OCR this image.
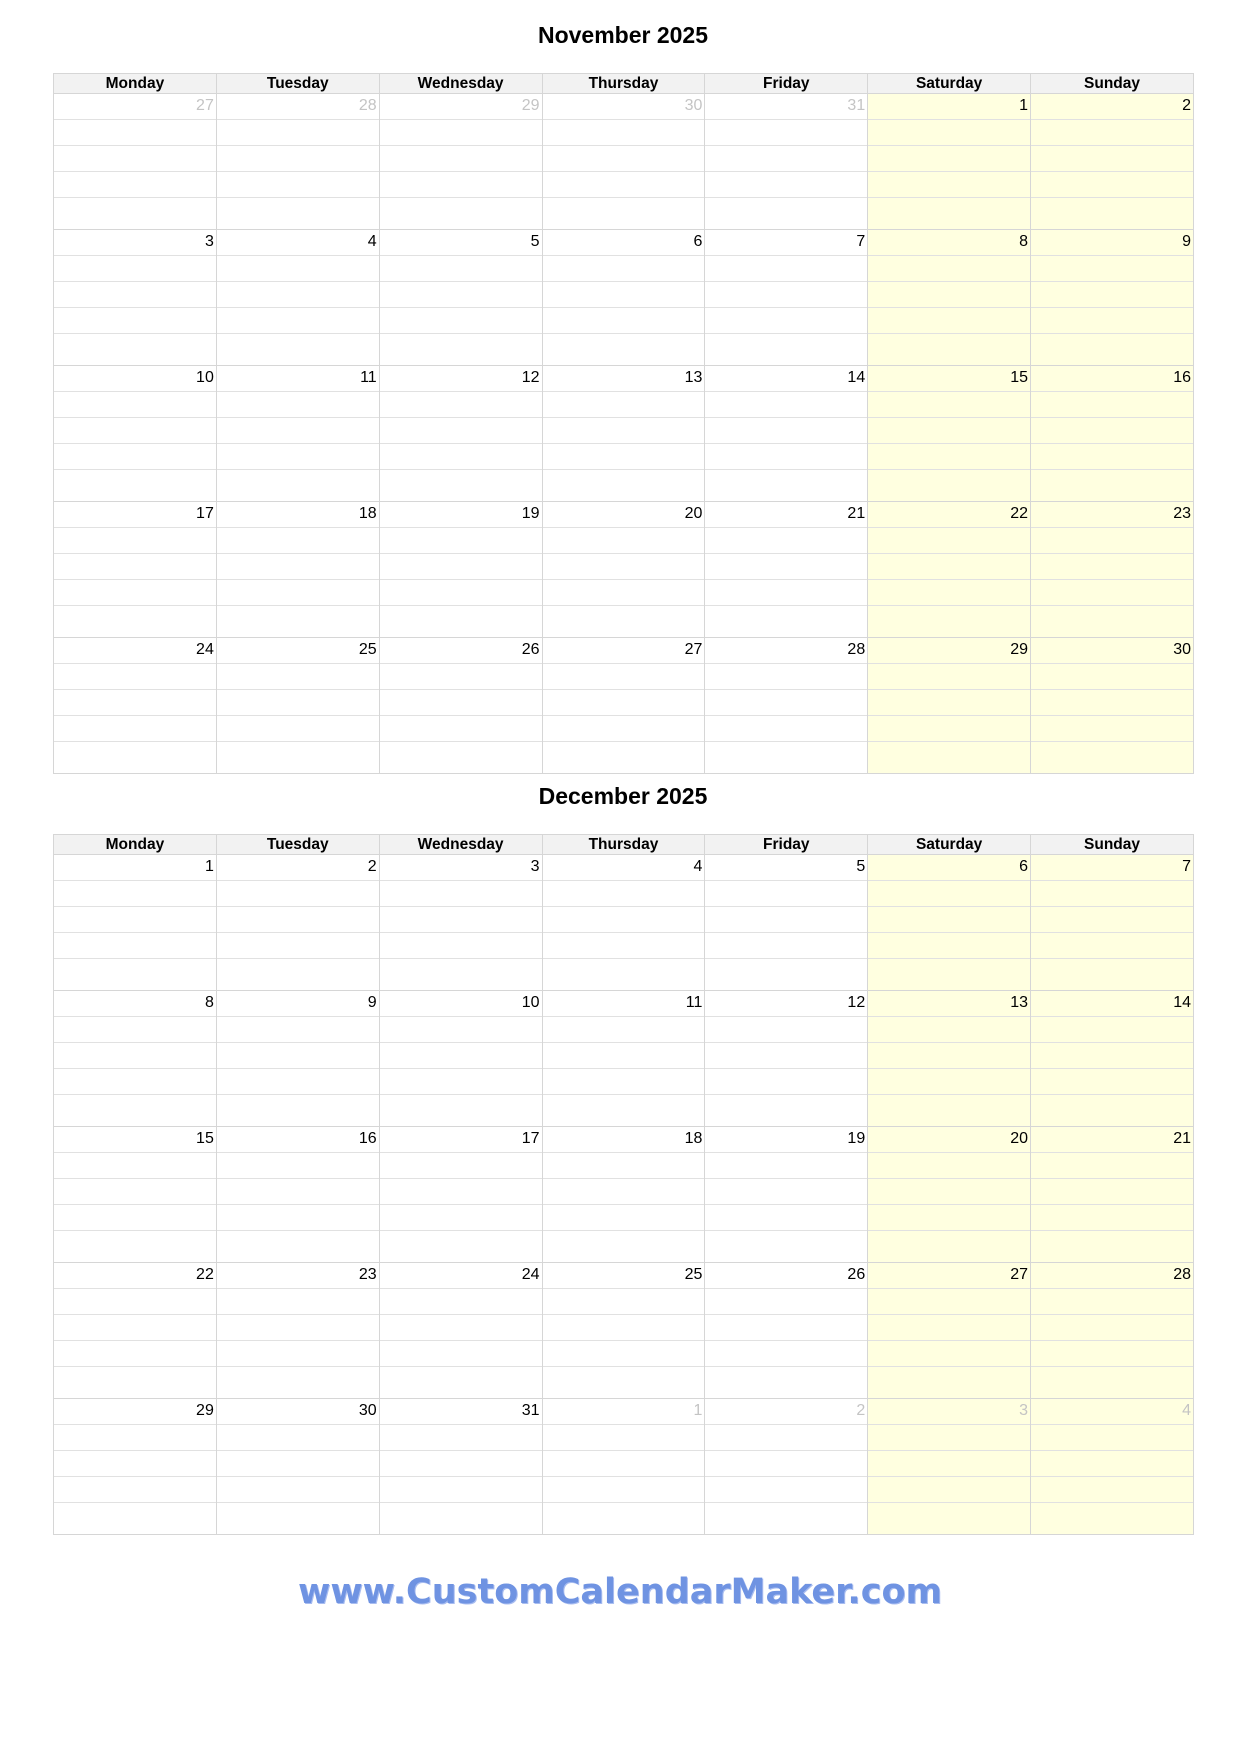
November 2025
Monday	Tuesday	Wednesday	Thursday	Friday	Saturday	Sunday
27	28	29	30	31	1	2

3	4	5	6	7	8	9

10	11	12	13	14	15	16

17	18	19	20	21	22	23

24	25	26	27	28	29	30

December 2025
Monday	Tuesday	Wednesday	Thursday	Friday	Saturday	Sunday
1	2	3	4	5	6	7

8	9	10	11	12	13	14

15	16	17	18	19	20	21

22	23	24	25	26	27	28

29	30	31	1	2	3	4

www.CustomCalendarMaker.com
